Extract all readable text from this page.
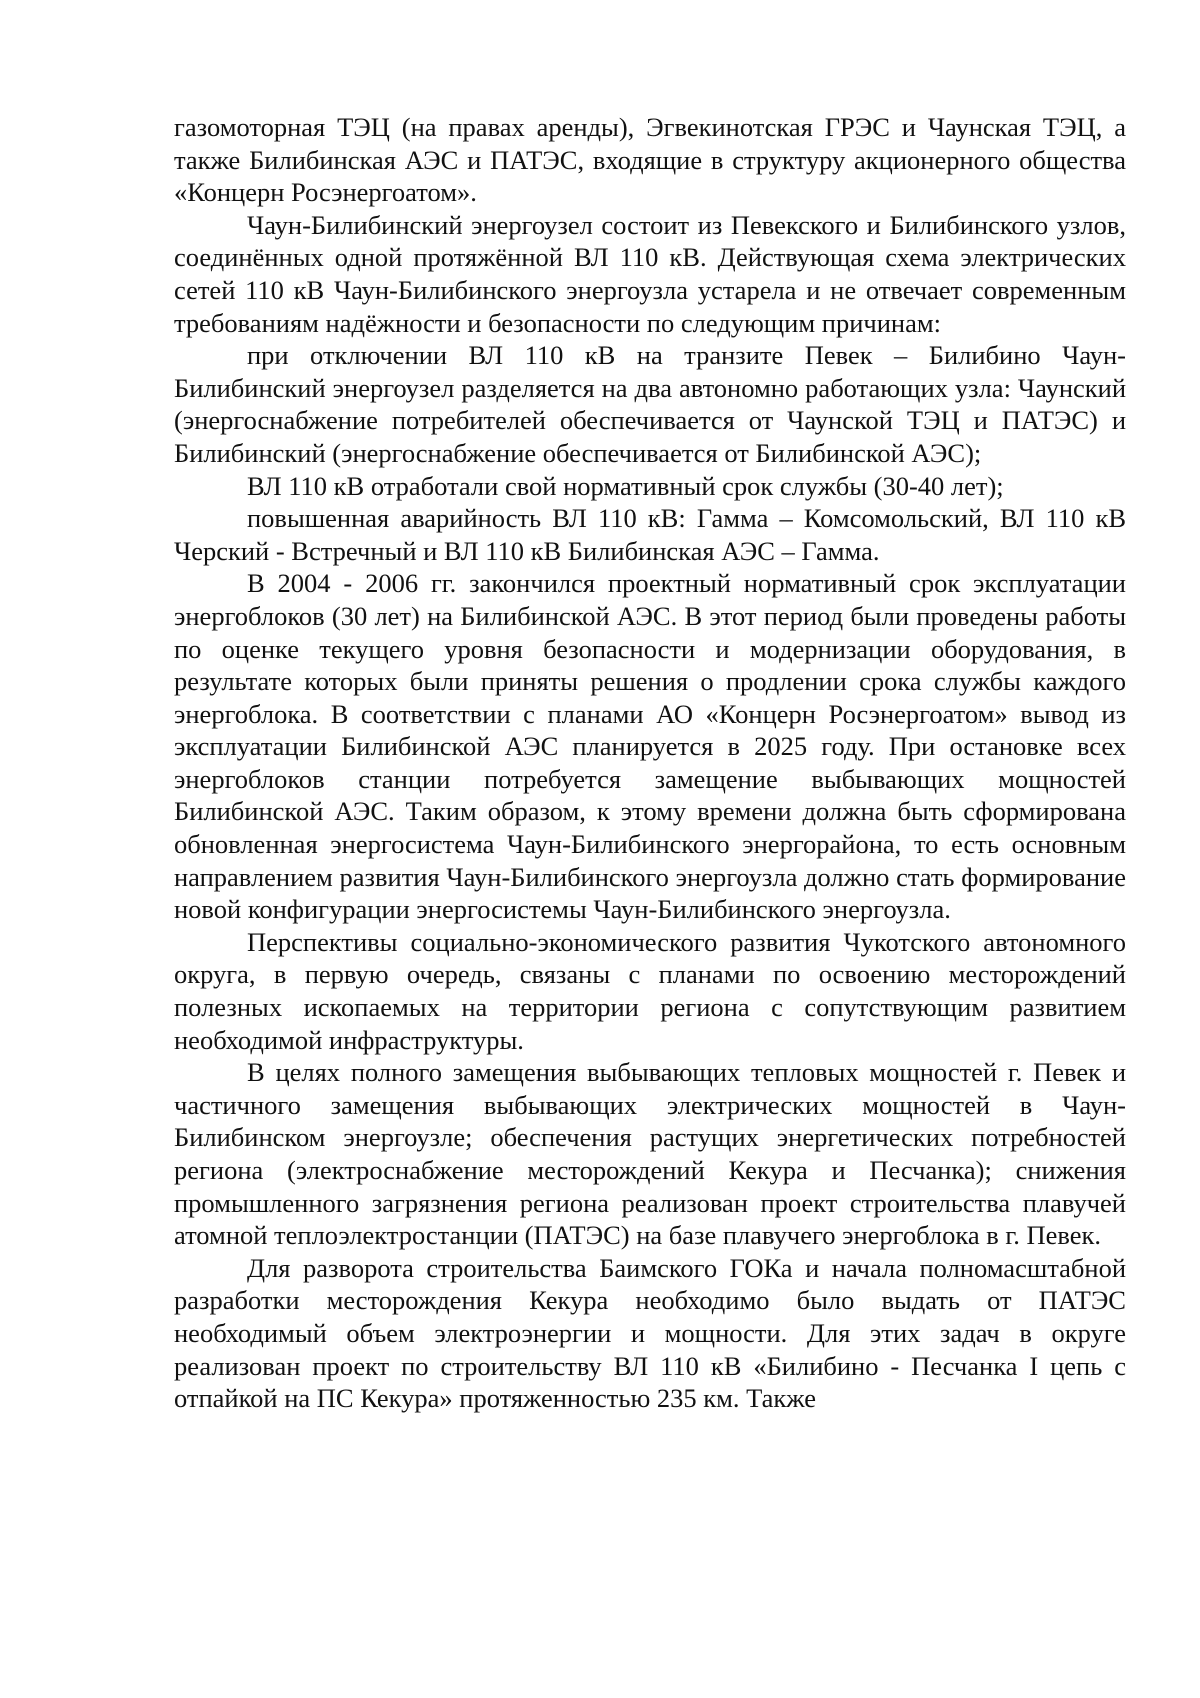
газомоторная ТЭЦ (на правах аренды), Эгвекинотская ГРЭС и Чаунская ТЭЦ, а также Билибинская АЭС и ПАТЭС, входящие в структуру акционерного общества «Концерн Росэнергоатом».

Чаун-Билибинский энергоузел состоит из Певекского и Билибинского узлов, соединённых одной протяжённой ВЛ 110 кВ. Действующая схема электрических сетей 110 кВ Чаун-Билибинского энергоузла устарела и не отвечает современным требованиям надёжности и безопасности по следующим причинам:

при отключении ВЛ 110 кВ на транзите Певек – Билибино Чаун-Билибинский энергоузел разделяется на два автономно работающих узла: Чаунский (энергоснабжение потребителей обеспечивается от Чаунской ТЭЦ и ПАТЭС) и Билибинский (энергоснабжение обеспечивается от Билибинской АЭС);

ВЛ 110 кВ отработали свой нормативный срок службы (30-40 лет);

повышенная аварийность ВЛ 110 кВ: Гамма – Комсомольский, ВЛ 110 кВ Черский - Встречный и ВЛ 110 кВ Билибинская АЭС – Гамма.

В 2004 - 2006 гг. закончился проектный нормативный срок эксплуатации энергоблоков (30 лет) на Билибинской АЭС. В этот период были проведены работы по оценке текущего уровня безопасности и модернизации оборудования, в результате которых были приняты решения о продлении срока службы каждого энергоблока. В соответствии с планами АО «Концерн Росэнергоатом» вывод из эксплуатации Билибинской АЭС планируется в 2025 году. При остановке всех энергоблоков станции потребуется замещение выбывающих мощностей Билибинской АЭС. Таким образом, к этому времени должна быть сформирована обновленная энергосистема Чаун-Билибинского энергорайона, то есть основным направлением развития Чаун-Билибинского энергоузла должно стать формирование новой конфигурации энергосистемы Чаун-Билибинского энергоузла.

Перспективы социально-экономического развития Чукотского автономного округа, в первую очередь, связаны с планами по освоению месторождений полезных ископаемых на территории региона с сопутствующим развитием необходимой инфраструктуры.

В целях полного замещения выбывающих тепловых мощностей г. Певек и частичного замещения выбывающих электрических мощностей в Чаун-Билибинском энергоузле; обеспечения растущих энергетических потребностей региона (электроснабжение месторождений Кекура и Песчанка); снижения промышленного загрязнения региона реализован проект строительства плавучей атомной теплоэлектростанции (ПАТЭС) на базе плавучего энергоблока в г. Певек.

Для разворота строительства Баимского ГОКа и начала полномасштабной разработки месторождения Кекура необходимо было выдать от ПАТЭС необходимый объем электроэнергии и мощности. Для этих задач в округе реализован проект по строительству ВЛ 110 кВ «Билибино - Песчанка I цепь с отпайкой на ПС Кекура» протяженностью 235 км. Также
